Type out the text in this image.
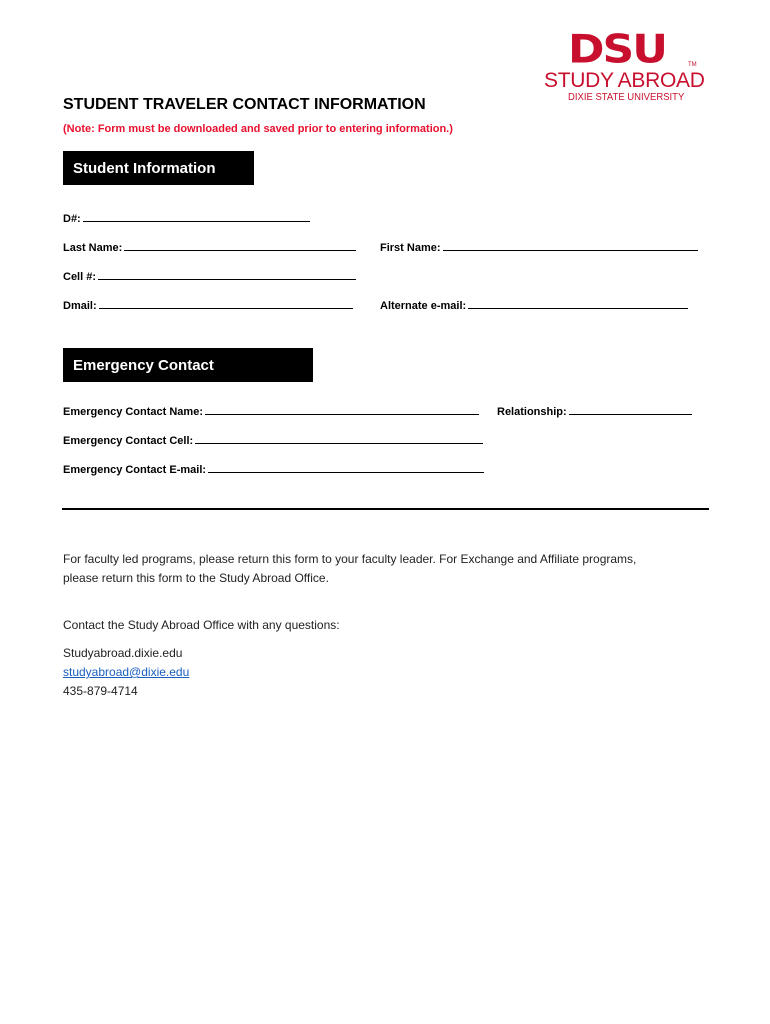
DSU	TM
STUDY ABROAD
DIXIE STATE UNIVERSITY
STUDENT TRAVELER CONTACT INFORMATION
(Note: Form must be downloaded and saved prior to entering information.)
Student Information
D#:
Last Name:	First Name:
Cell #:
Dmail:	Alternate e-mail:
Emergency Contact
Emergency Contact Name:	Relationship:
Emergency Contact Cell:
Emergency Contact E-mail:
For faculty led programs, please return this form to your faculty leader. For Exchange and Affiliate programs,
please return this form to the Study Abroad Office.
Contact the Study Abroad Office with any questions:
Studyabroad.dixie.edu
studyabroad@dixie.edu
435-879-4714
